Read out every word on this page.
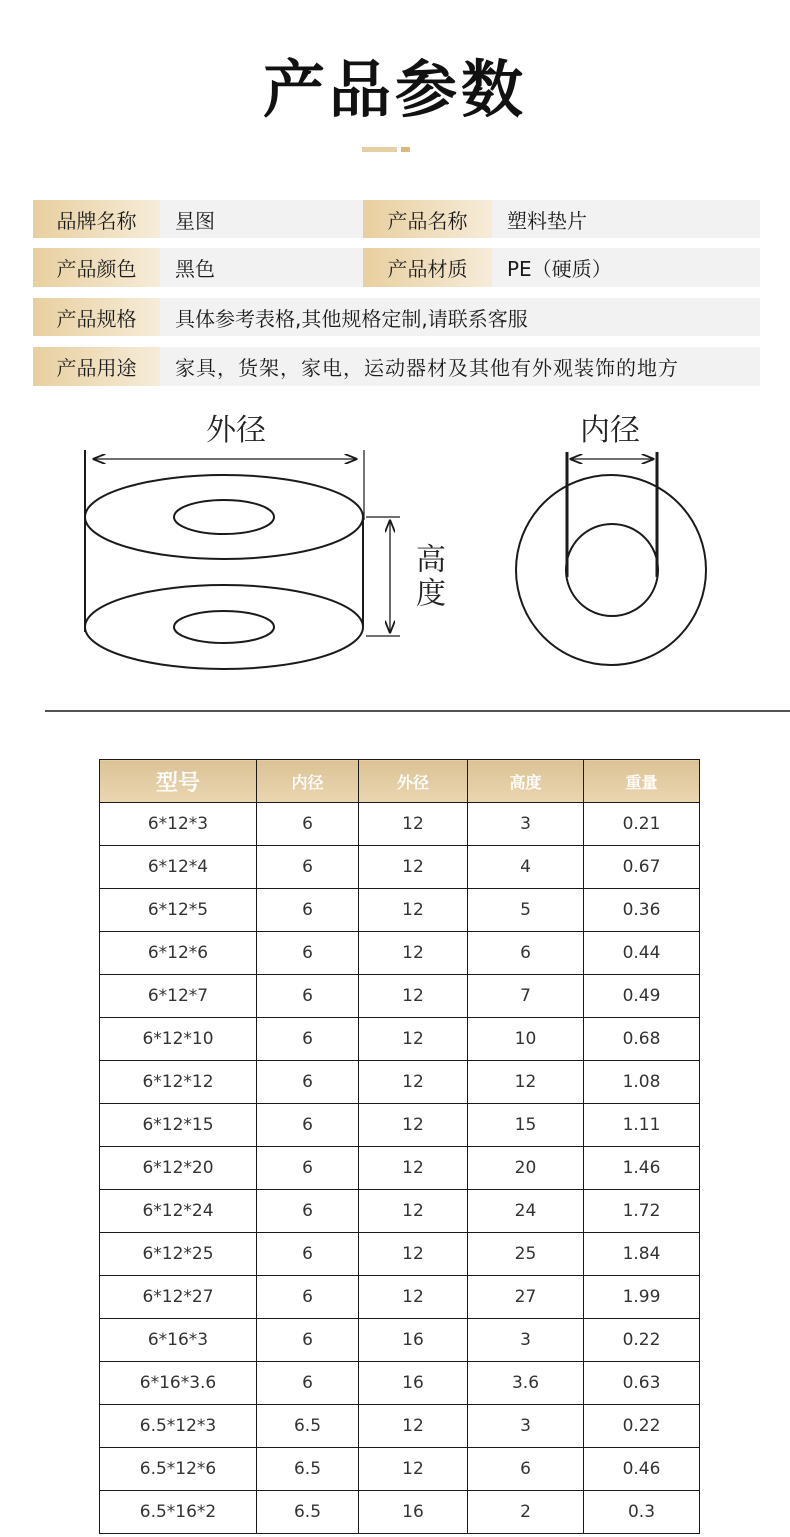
产品参数
品牌名称	星图	产品名称	塑料垫片
产品颜色	黑色	产品材质	PE（硬质）
产品规格	具体参考表格,其他规格定制,请联系客服
产品用途	家具，货架，家电，运动器材及其他有外观装饰的地方
外径	内径
高度
型号	内径	外径	高度	重量
6*12*3	6	12	3	0.21
6*12*4	6	12	4	0.67
6*12*5	6	12	5	0.36
6*12*6	6	12	6	0.44
6*12*7	6	12	7	0.49
6*12*10	6	12	10	0.68
6*12*12	6	12	12	1.08
6*12*15	6	12	15	1.11
6*12*20	6	12	20	1.46
6*12*24	6	12	24	1.72
6*12*25	6	12	25	1.84
6*12*27	6	12	27	1.99
6*16*3	6	16	3	0.22
6*16*3.6	6	16	3.6	0.63
6.5*12*3	6.5	12	3	0.22
6.5*12*6	6.5	12	6	0.46
6.5*16*2	6.5	16	2	0.3
